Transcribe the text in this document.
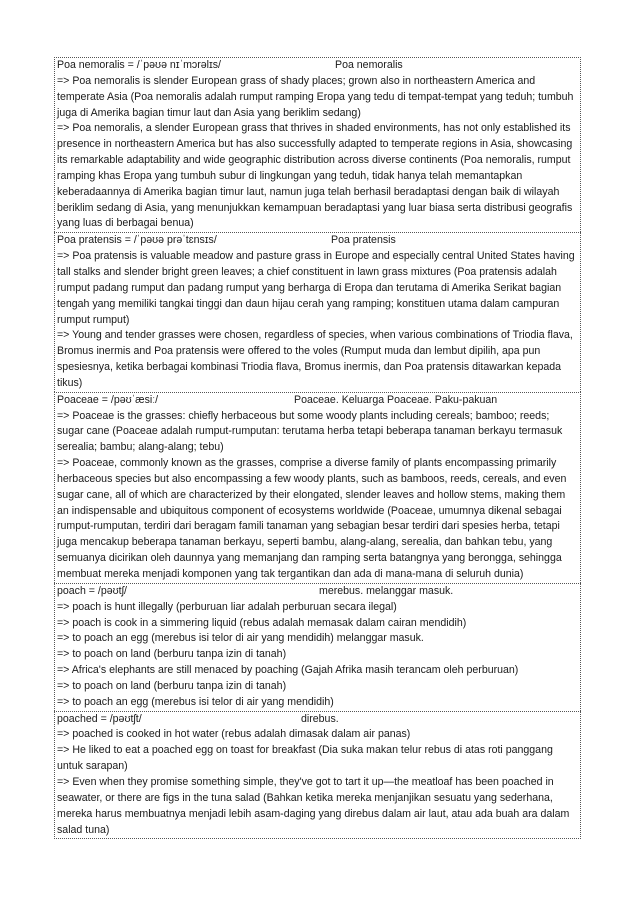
Poa nemoralis = /ˈpəʊə nɪˈmɔrəlɪs/	Poa nemoralis
=> Poa nemoralis is slender European grass of shady places; grown also in northeastern America and temperate Asia (Poa nemoralis adalah rumput ramping Eropa yang tedu di tempat-tempat yang teduh; tumbuh juga di Amerika bagian timur laut dan Asia yang beriklim sedang)
=> Poa nemoralis, a slender European grass that thrives in shaded environments, has not only established its presence in northeastern America but has also successfully adapted to temperate regions in Asia, showcasing its remarkable adaptability and wide geographic distribution across diverse continents (Poa nemoralis, rumput ramping khas Eropa yang tumbuh subur di lingkungan yang teduh, tidak hanya telah memantapkan keberadaannya di Amerika bagian timur laut, namun juga telah berhasil beradaptasi dengan baik di wilayah beriklim sedang di Asia, yang menunjukkan kemampuan beradaptasi yang luar biasa serta distribusi geografis yang luas di berbagai benua)
Poa pratensis = /ˈpəʊə prəˈtɛnsɪs/	Poa pratensis
=> Poa pratensis is valuable meadow and pasture grass in Europe and especially central United States having tall stalks and slender bright green leaves; a chief constituent in lawn grass mixtures (Poa pratensis adalah rumput padang rumput dan padang rumput yang berharga di Eropa dan terutama di Amerika Serikat bagian tengah yang memiliki tangkai tinggi dan daun hijau cerah yang ramping; konstituen utama dalam campuran rumput rumput)
=> Young and tender grasses were chosen, regardless of species, when various combinations of Triodia flava, Bromus inermis and Poa pratensis were offered to the voles (Rumput muda dan lembut dipilih, apa pun spesiesnya, ketika berbagai kombinasi Triodia flava, Bromus inermis, dan Poa pratensis ditawarkan kepada tikus)
Poaceae = /pəʊˈæsiː/	Poaceae. Keluarga Poaceae. Paku-pakuan
=> Poaceae is the grasses: chiefly herbaceous but some woody plants including cereals; bamboo; reeds; sugar cane (Poaceae adalah rumput-rumputan: terutama herba tetapi beberapa tanaman berkayu termasuk serealia; bambu; alang-alang; tebu)
=> Poaceae, commonly known as the grasses, comprise a diverse family of plants encompassing primarily herbaceous species but also encompassing a few woody plants, such as bamboos, reeds, cereals, and even sugar cane, all of which are characterized by their elongated, slender leaves and hollow stems, making them an indispensable and ubiquitous component of ecosystems worldwide (Poaceae, umumnya dikenal sebagai rumput-rumputan, terdiri dari beragam famili tanaman yang sebagian besar terdiri dari spesies herba, tetapi juga mencakup beberapa tanaman berkayu, seperti bambu, alang-alang, serealia, dan bahkan tebu, yang semuanya dicirikan oleh daunnya yang memanjang dan ramping serta batangnya yang berongga, sehingga membuat mereka menjadi komponen yang tak tergantikan dan ada di mana-mana di seluruh dunia)
poach = /pəʊtʃ/	merebus. melanggar masuk.
=> poach is hunt illegally (perburuan liar adalah perburuan secara ilegal)
=> poach is cook in a simmering liquid (rebus adalah memasak dalam cairan mendidih)
=> to poach an egg (merebus isi telor di air yang mendidih) melanggar masuk.
=> to poach on land (berburu tanpa izin di tanah)
=> Africa's elephants are still menaced by poaching (Gajah Afrika masih terancam oleh perburuan)
=> to poach on land (berburu tanpa izin di tanah)
=> to poach an egg (merebus isi telor di air yang mendidih)
poached = /pəʊtʃt/	direbus.
=> poached is cooked in hot water (rebus adalah dimasak dalam air panas)
=> He liked to eat a poached egg on toast for breakfast (Dia suka makan telur rebus di atas roti panggang untuk sarapan)
=> Even when they promise something simple, they've got to tart it up—the meatloaf has been poached in seawater, or there are figs in the tuna salad (Bahkan ketika mereka menjanjikan sesuatu yang sederhana, mereka harus membuatnya menjadi lebih asam-daging yang direbus dalam air laut, atau ada buah ara dalam salad tuna)
